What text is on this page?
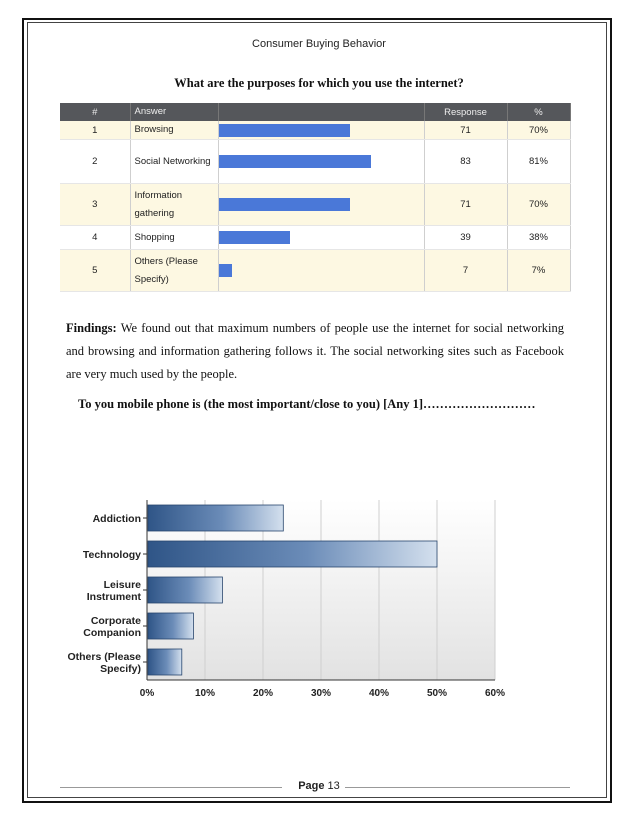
Consumer Buying Behavior
What are the purposes for which you use the internet?
#	Answer		Response	%
1	Browsing		71	70%
2	Social Networking		83	81%
3	Information gathering		71	70%
4	Shopping		39	38%
5	Others (Please Specify)		7	7%
Findings: We found out that maximum numbers of people use the internet for social networking and browsing and information gathering follows it. The social networking sites such as Facebook are very much used by the people.
To you mobile phone is (the most important/close to you) [Any 1]………………………
0%	10%	20%	30%	40%	50%	60%
Addiction
Technology
Leisure
Instrument
Corporate
Companion
Others (Please
Specify)
Page 13
